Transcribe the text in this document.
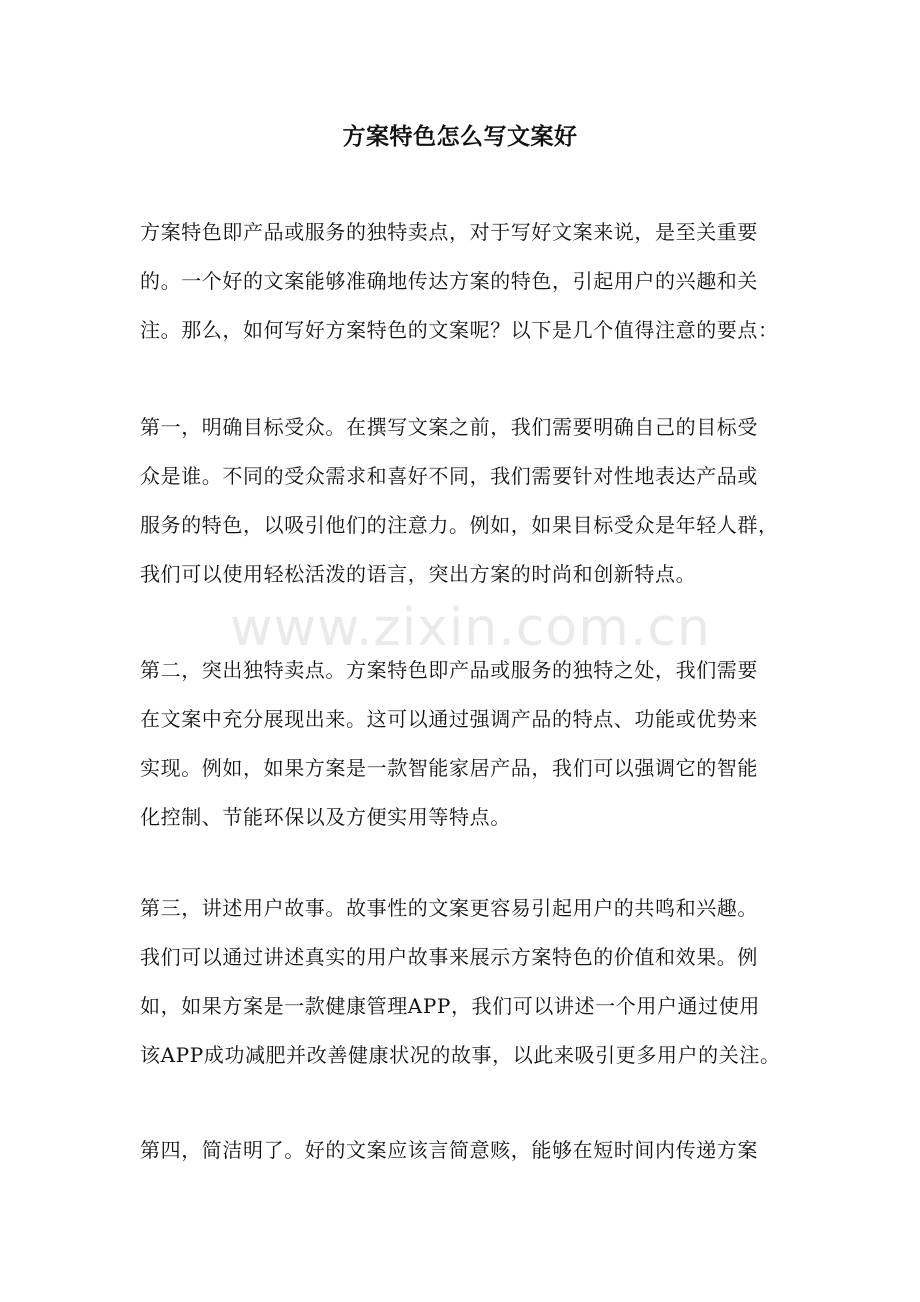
方案特色怎么写文案好
www.zixin.com.cn
方案特色即产品或服务的独特卖点，对于写好文案来说，是至关重要
的。一个好的文案能够准确地传达方案的特色，引起用户的兴趣和关
注。那么，如何写好方案特色的文案呢？以下是几个值得注意的要点：
第一，明确目标受众。在撰写文案之前，我们需要明确自己的目标受
众是谁。不同的受众需求和喜好不同，我们需要针对性地表达产品或
服务的特色，以吸引他们的注意力。例如，如果目标受众是年轻人群，
我们可以使用轻松活泼的语言，突出方案的时尚和创新特点。
第二，突出独特卖点。方案特色即产品或服务的独特之处，我们需要
在文案中充分展现出来。这可以通过强调产品的特点、功能或优势来
实现。例如，如果方案是一款智能家居产品，我们可以强调它的智能
化控制、节能环保以及方便实用等特点。
第三，讲述用户故事。故事性的文案更容易引起用户的共鸣和兴趣。
我们可以通过讲述真实的用户故事来展示方案特色的价值和效果。例
如，如果方案是一款健康管理APP，我们可以讲述一个用户通过使用
该APP成功减肥并改善健康状况的故事，以此来吸引更多用户的关注。
第四，简洁明了。好的文案应该言简意赅，能够在短时间内传递方案
